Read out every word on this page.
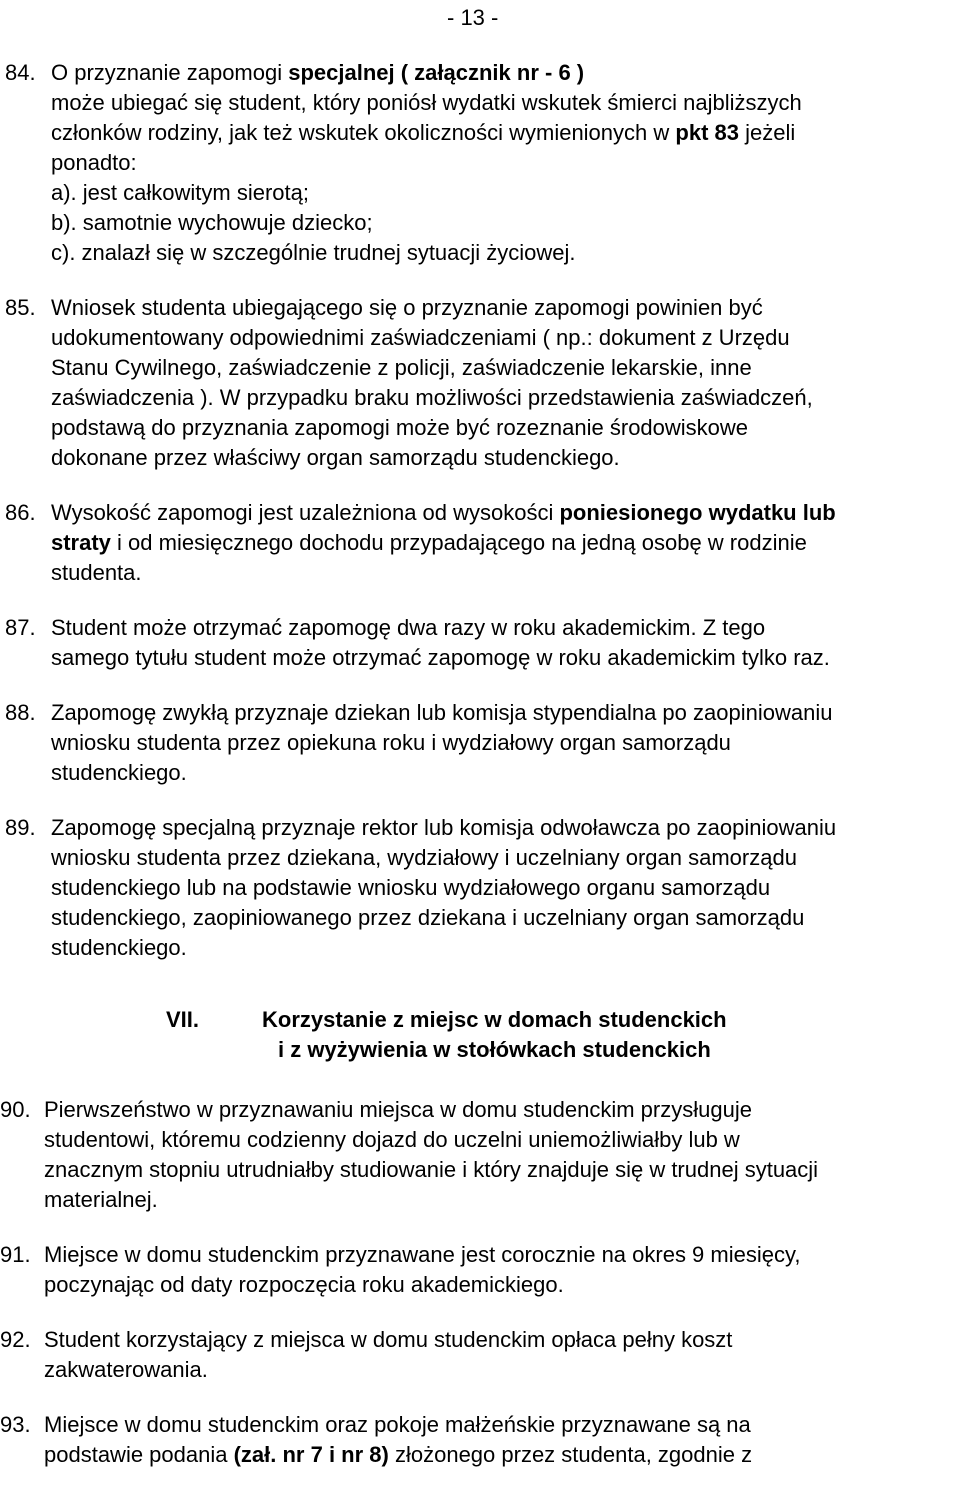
- 13 -
84. O przyznanie zapomogi specjalnej ( załącznik nr - 6 )
może ubiegać się student, który poniósł wydatki wskutek śmierci najbliższych
członków rodziny, jak też wskutek okoliczności wymienionych w pkt 83 jeżeli
ponadto:
a). jest całkowitym sierotą;
b). samotnie wychowuje dziecko;
c). znalazł się w szczególnie trudnej sytuacji życiowej.
85. Wniosek studenta ubiegającego się o przyznanie zapomogi powinien być
udokumentowany odpowiednimi zaświadczeniami ( np.: dokument z Urzędu
Stanu Cywilnego, zaświadczenie z policji, zaświadczenie lekarskie, inne
zaświadczenia ). W przypadku braku możliwości przedstawienia zaświadczeń,
podstawą do przyznania zapomogi może być rozeznanie środowiskowe
dokonane przez właściwy organ samorządu studenckiego.
86. Wysokość zapomogi jest uzależniona od wysokości poniesionego wydatku lub
straty i od miesięcznego dochodu przypadającego na jedną osobę w rodzinie
studenta.
87. Student może otrzymać zapomogę dwa razy w roku akademickim. Z tego
samego tytułu student może otrzymać zapomogę w roku akademickim tylko raz.
88. Zapomogę zwykłą przyznaje dziekan lub komisja stypendialna po zaopiniowaniu
wniosku studenta przez opiekuna roku i wydziałowy organ samorządu
studenckiego.
89. Zapomogę specjalną przyznaje rektor lub komisja odwoławcza po zaopiniowaniu
wniosku studenta przez dziekana, wydziałowy i uczelniany organ samorządu
studenckiego lub na podstawie wniosku wydziałowego organu samorządu
studenckiego, zaopiniowanego przez dziekana i uczelniany organ samorządu
studenckiego.
VII.	Korzystanie z miejsc w domach studenckich
i z wyżywienia w stołówkach studenckich
90. Pierwszeństwo w przyznawaniu miejsca w domu studenckim przysługuje
studentowi, któremu codzienny dojazd do uczelni uniemożliwiałby lub w
znacznym stopniu utrudniałby studiowanie i który znajduje się w trudnej sytuacji
materialnej.
91. Miejsce w domu studenckim przyznawane jest corocznie na okres 9 miesięcy,
poczynając od daty rozpoczęcia roku akademickiego.
92. Student korzystający z miejsca w domu studenckim opłaca pełny koszt
zakwaterowania.
93. Miejsce w domu studenckim oraz pokoje małżeńskie przyznawane są na
podstawie podania (zał. nr 7 i nr 8) złożonego przez studenta, zgodnie z
